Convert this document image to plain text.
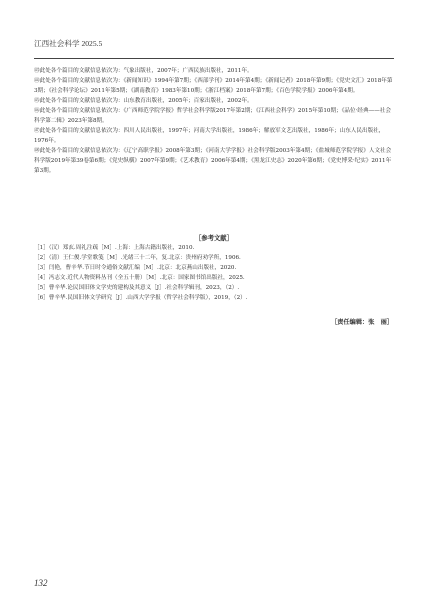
江西社会科学 2025.5
㊸此处各个篇目的文献信息依次为：气象出版社，2007年；广西民族出版社，2011年。
㊹此处各个篇目的文献信息依次为：《新闻知识》1994年第7期；《西部学刊》2014年第4期；《新闻记者》2018年第9期；《党史文汇》2018年第3期；《社会科学论坛》2011年第5期；《湖南教育》1983年第10期；《浙江档案》2018年第7期；《百色学院学报》2006年第4期。
㊺此处各个篇目的文献信息依次为：山东教育出版社，2005年；百家出版社，2002年。
㊻此处各个篇目的文献信息依次为：《广西师范学院学报》哲学社会科学版2017年第2期；《江西社会科学》2015年第10期；《品位·经典——社会科学第二辑》2023年第8期。
㊼此处各个篇目的文献信息依次为：四川人民出版社，1997年；河南大学出版社，1986年；解放军文艺出版社，1986年；山东人民出版社，1976年。
㊽此处各个篇目的文献信息依次为：《辽宁高职学报》2008年第3期；《河南大学学报》社会科学版2003年第4期；《盐城师范学院学报》人文社会科学版2019年第39卷第6期；《党史纵横》2007年第9期；《艺术教育》2006年第4期；《黑龙江史志》2020年第6期；《党史博采·纪实》2011年第3期。
［参考文献］
［1］（汉）郑玄.周礼注疏［M］.上海：上海古籍出版社，2010.
［2］（清）王仁俊.学堂歌笺［M］.光绪三十二年，复.北京：贵州府劝学所，1906.
［3］闫艳，曹辛华.节日时令通俗文献汇编［M］.北京：北京燕山出版社，2020.
［4］冯志文.近代人物资料丛刊（全五十册）［M］.北京：国家图书馆出版社，2025.
［5］曹辛华.论民国旧体文学史的建构及其意义［J］.社会科学辑刊，2023，（2）.
［6］曹辛华.民国旧体文学研究［J］.山西大学学报（哲学社会科学版），2019，（2）.
［责任编辑：张　丽］
132
